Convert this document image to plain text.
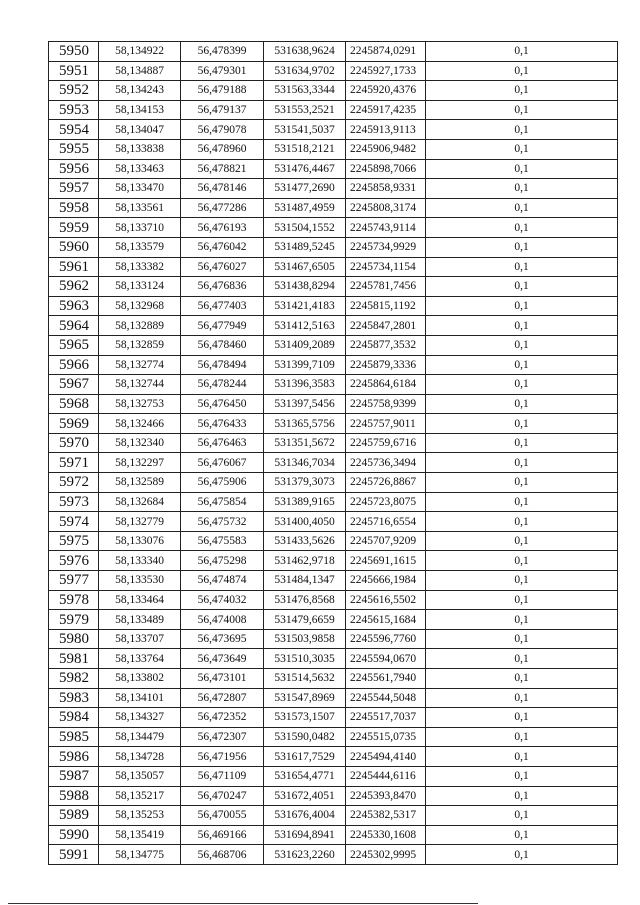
5950	58,134922	56,478399	531638,9624	2245874,0291	0,1
5951	58,134887	56,479301	531634,9702	2245927,1733	0,1
5952	58,134243	56,479188	531563,3344	2245920,4376	0,1
5953	58,134153	56,479137	531553,2521	2245917,4235	0,1
5954	58,134047	56,479078	531541,5037	2245913,9113	0,1
5955	58,133838	56,478960	531518,2121	2245906,9482	0,1
5956	58,133463	56,478821	531476,4467	2245898,7066	0,1
5957	58,133470	56,478146	531477,2690	2245858,9331	0,1
5958	58,133561	56,477286	531487,4959	2245808,3174	0,1
5959	58,133710	56,476193	531504,1552	2245743,9114	0,1
5960	58,133579	56,476042	531489,5245	2245734,9929	0,1
5961	58,133382	56,476027	531467,6505	2245734,1154	0,1
5962	58,133124	56,476836	531438,8294	2245781,7456	0,1
5963	58,132968	56,477403	531421,4183	2245815,1192	0,1
5964	58,132889	56,477949	531412,5163	2245847,2801	0,1
5965	58,132859	56,478460	531409,2089	2245877,3532	0,1
5966	58,132774	56,478494	531399,7109	2245879,3336	0,1
5967	58,132744	56,478244	531396,3583	2245864,6184	0,1
5968	58,132753	56,476450	531397,5456	2245758,9399	0,1
5969	58,132466	56,476433	531365,5756	2245757,9011	0,1
5970	58,132340	56,476463	531351,5672	2245759,6716	0,1
5971	58,132297	56,476067	531346,7034	2245736,3494	0,1
5972	58,132589	56,475906	531379,3073	2245726,8867	0,1
5973	58,132684	56,475854	531389,9165	2245723,8075	0,1
5974	58,132779	56,475732	531400,4050	2245716,6554	0,1
5975	58,133076	56,475583	531433,5626	2245707,9209	0,1
5976	58,133340	56,475298	531462,9718	2245691,1615	0,1
5977	58,133530	56,474874	531484,1347	2245666,1984	0,1
5978	58,133464	56,474032	531476,8568	2245616,5502	0,1
5979	58,133489	56,474008	531479,6659	2245615,1684	0,1
5980	58,133707	56,473695	531503,9858	2245596,7760	0,1
5981	58,133764	56,473649	531510,3035	2245594,0670	0,1
5982	58,133802	56,473101	531514,5632	2245561,7940	0,1
5983	58,134101	56,472807	531547,8969	2245544,5048	0,1
5984	58,134327	56,472352	531573,1507	2245517,7037	0,1
5985	58,134479	56,472307	531590,0482	2245515,0735	0,1
5986	58,134728	56,471956	531617,7529	2245494,4140	0,1
5987	58,135057	56,471109	531654,4771	2245444,6116	0,1
5988	58,135217	56,470247	531672,4051	2245393,8470	0,1
5989	58,135253	56,470055	531676,4004	2245382,5317	0,1
5990	58,135419	56,469166	531694,8941	2245330,1608	0,1
5991	58,134775	56,468706	531623,2260	2245302,9995	0,1
